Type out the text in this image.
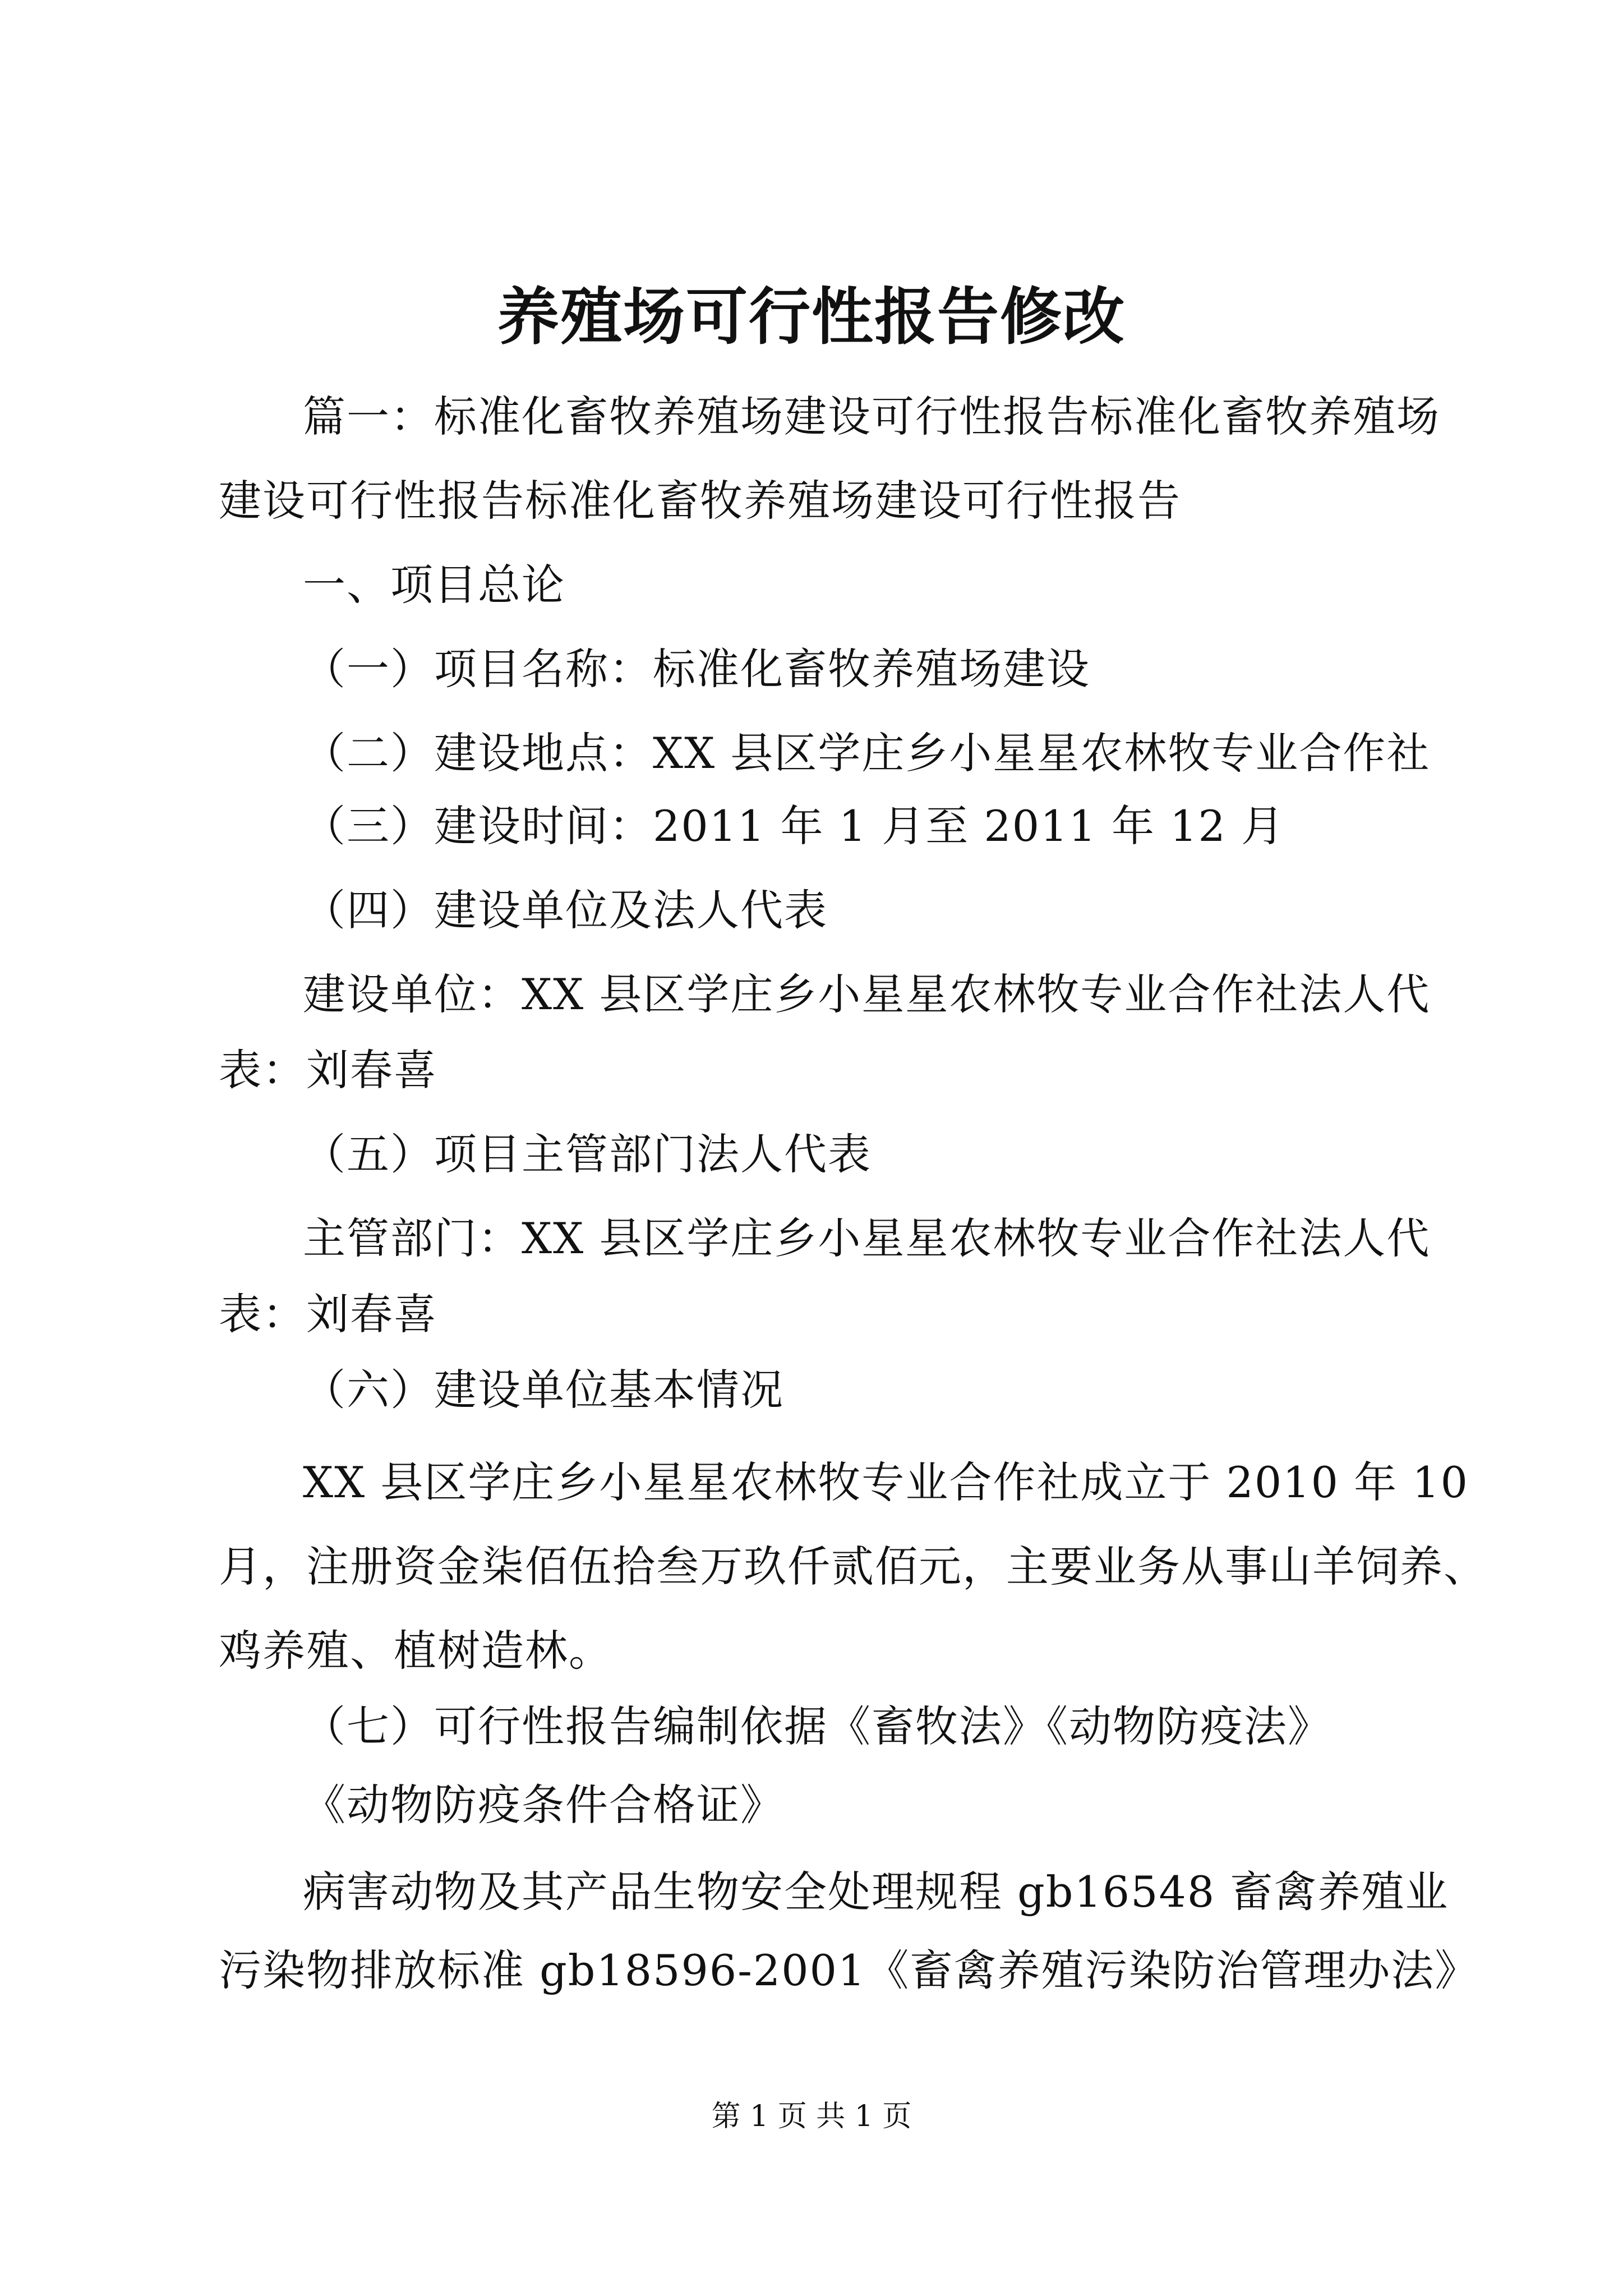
养殖场可行性报告修改
篇一：标准化畜牧养殖场建设可行性报告标准化畜牧养殖场
建设可行性报告标准化畜牧养殖场建设可行性报告
一、项目总论
（一）项目名称：标准化畜牧养殖场建设
（二）建设地点：XX 县区学庄乡小星星农林牧专业合作社
（三）建设时间：2011 年 1 月至 2011 年 12 月
（四）建设单位及法人代表
建设单位：XX 县区学庄乡小星星农林牧专业合作社法人代
表：刘春喜
（五）项目主管部门法人代表
主管部门：XX 县区学庄乡小星星农林牧专业合作社法人代
表：刘春喜
（六）建设单位基本情况
XX 县区学庄乡小星星农林牧专业合作社成立于 2010 年 10
月，注册资金柒佰伍拾叁万玖仟贰佰元，主要业务从事山羊饲养、
鸡养殖、植树造林。
（七）可行性报告编制依据《畜牧法》《动物防疫法》
《动物防疫条件合格证》
病害动物及其产品生物安全处理规程 gb16548 畜禽养殖业
污染物排放标准 gb18596-2001《畜禽养殖污染防治管理办法》
第 1 页 共 1 页
